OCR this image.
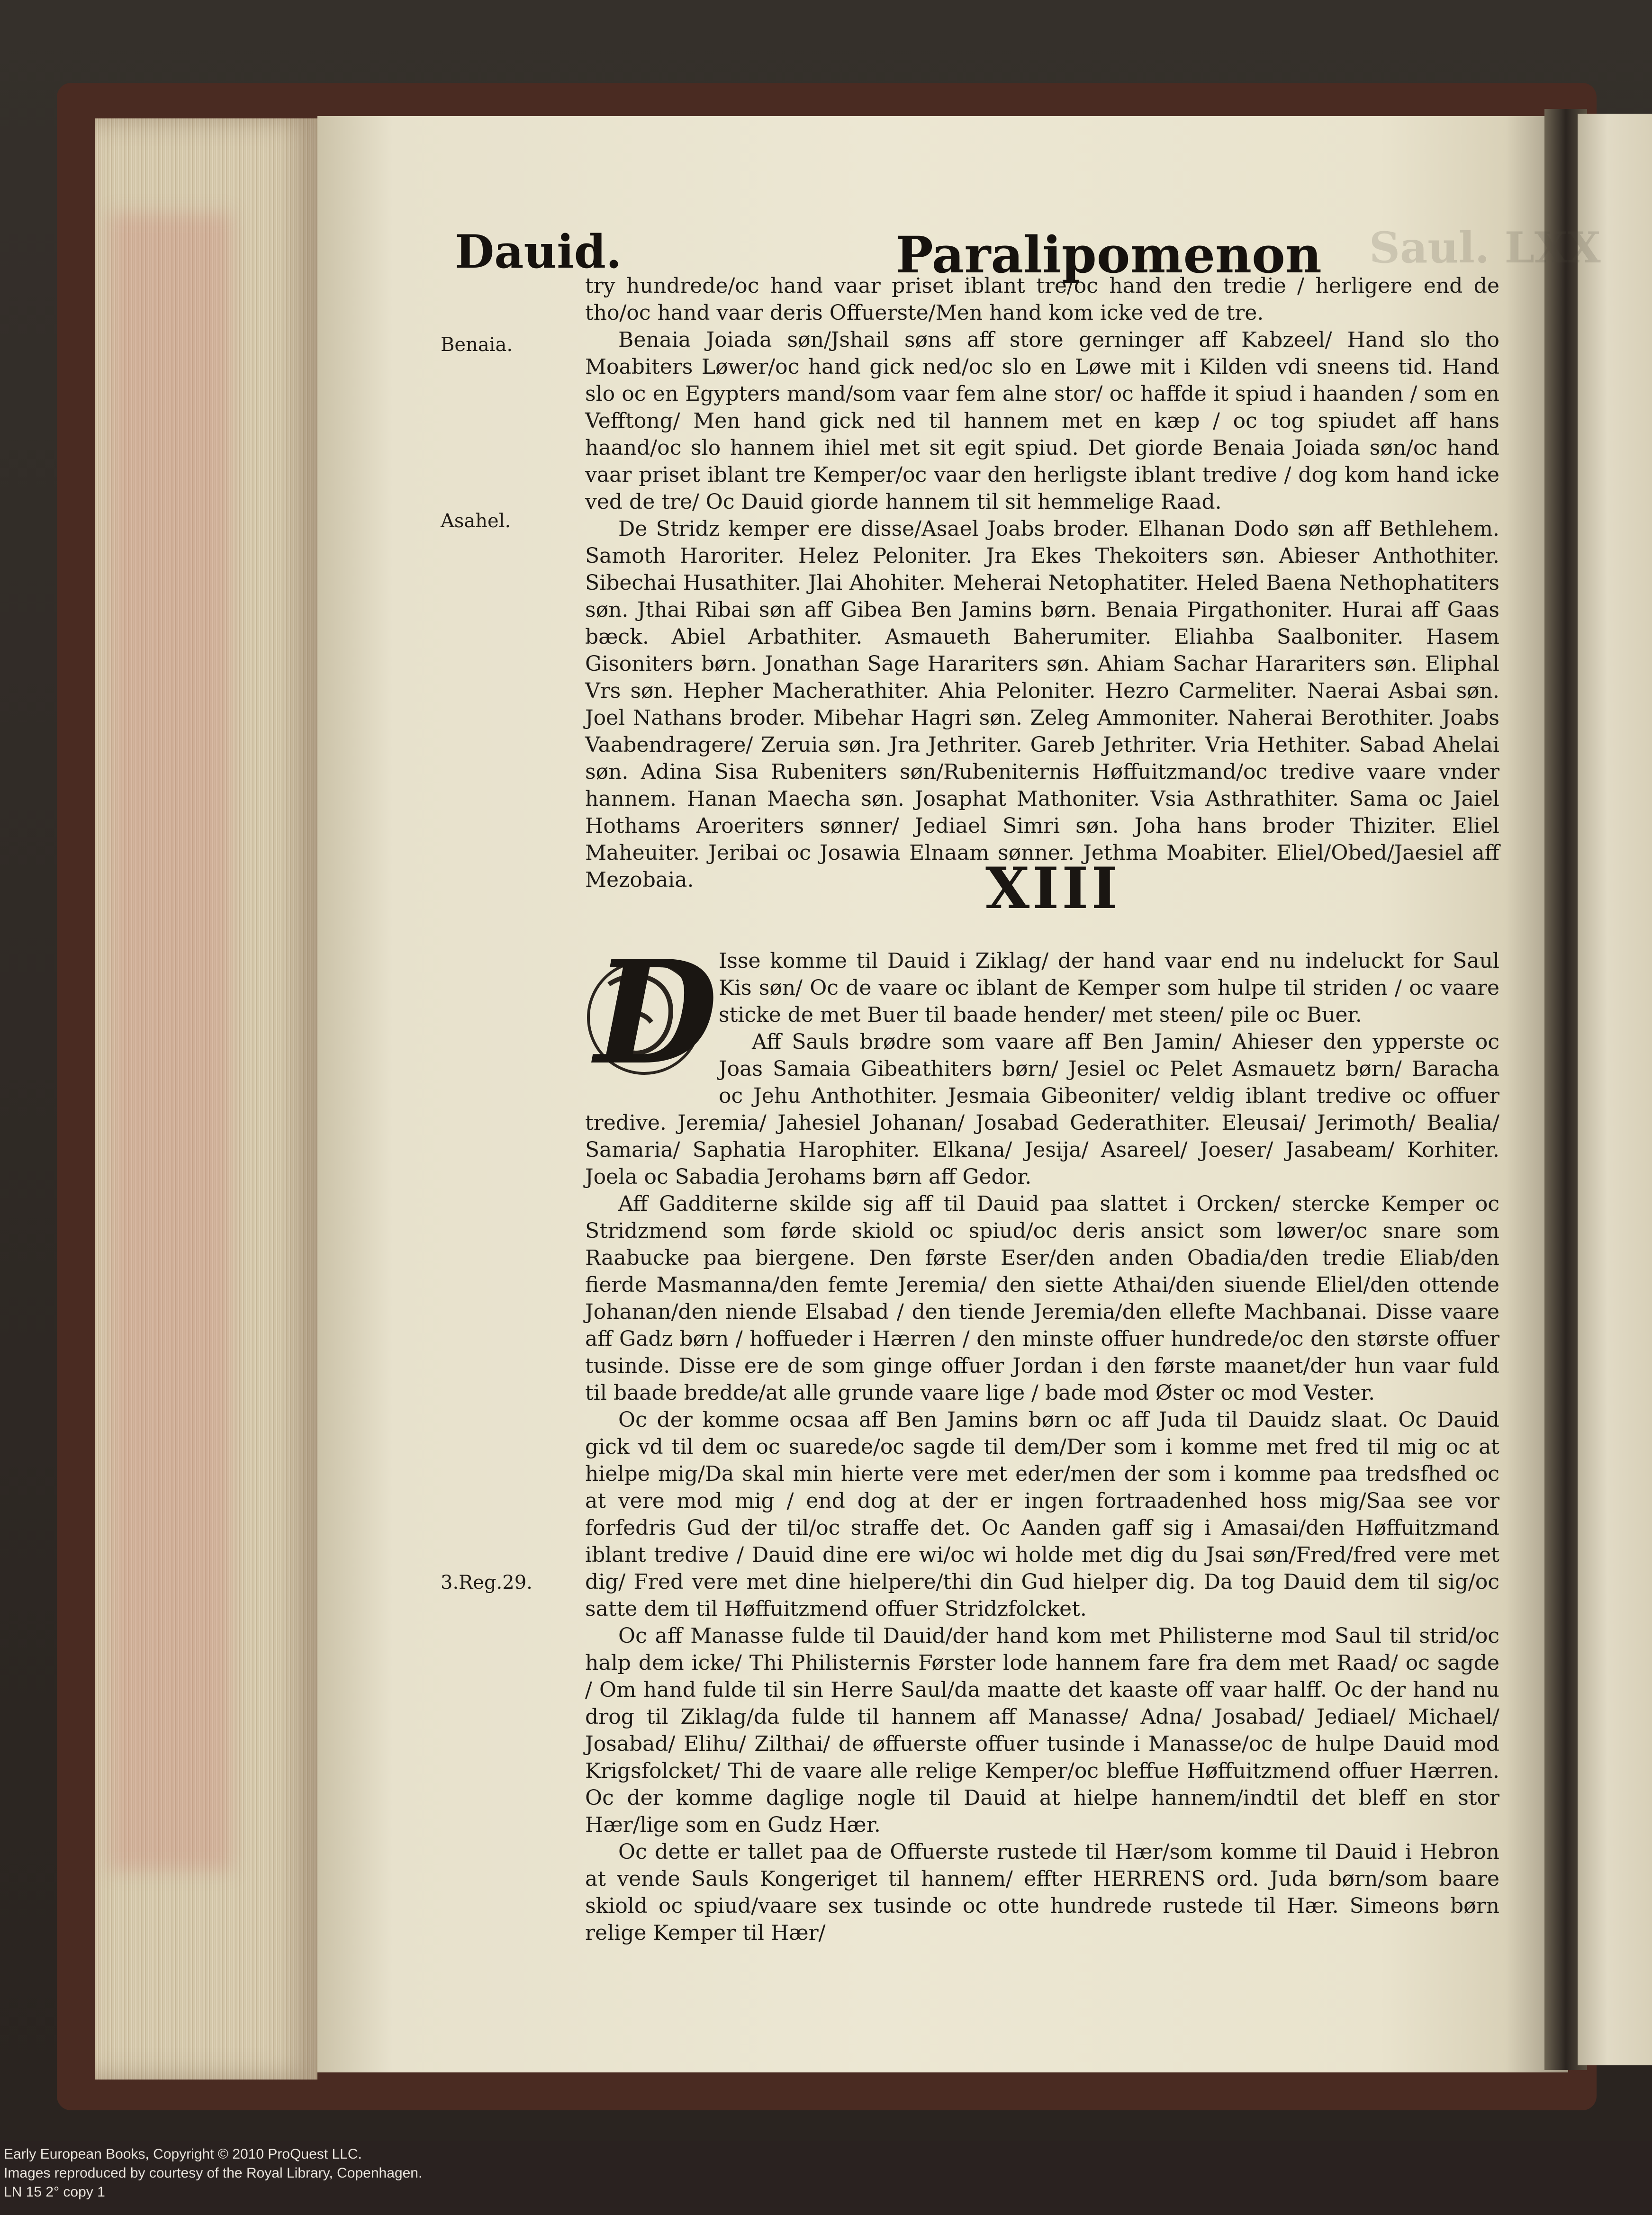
Saul. LXX
Dauid.	Paralipomenon
Benaia.
Asahel.
3.Reg.29.

try hundrede/oc hand vaar priset iblant tre/oc hand den tredie / herligere end de tho/oc hand vaar deris Offuerste/Men hand kom icke ved de tre.

Benaia Joiada søn/Jshail søns aff store gerninger aff Kabzeel/ Hand slo tho Moabiters Løwer/oc hand gick ned/oc slo en Løwe mit i Kilden vdi sneens tid. Hand slo oc en Egypters mand/som vaar fem alne stor/ oc haffde it spiud i haanden / som en Vefftong/ Men hand gick ned til hannem met en kæp / oc tog spiudet aff hans haand/oc slo hannem ihiel met sit egit spiud. Det giorde Benaia Joiada søn/oc hand vaar priset iblant tre Kemper/oc vaar den herligste iblant tredive / dog kom hand icke ved de tre/ Oc Dauid giorde hannem til sit hemmelige Raad.

De Stridz kemper ere disse/Asael Joabs broder. Elhanan Dodo søn aff Bethlehem. Samoth Haroriter. Helez Peloniter. Jra Ekes Thekoiters søn. Abieser Anthothiter. Sibechai Husathiter. Jlai Ahohiter. Meherai Netophatiter. Heled Baena Nethophatiters søn. Jthai Ribai søn aff Gibea Ben Jamins børn. Benaia Pirgathoniter. Hurai aff Gaas bæck. Abiel Arbathiter. Asmaueth Baherumiter. Eliahba Saalboniter. Hasem Gisoniters børn. Jonathan Sage Harariters søn. Ahiam Sachar Harariters søn. Eliphal Vrs søn. Hepher Macherathiter. Ahia Peloniter. Hezro Carmeliter. Naerai Asbai søn. Joel Nathans broder. Mibehar Hagri søn. Zeleg Ammoniter. Naherai Berothiter. Joabs Vaabendragere/ Zeruia søn. Jra Jethriter. Gareb Jethriter. Vria Hethiter. Sabad Ahelai søn. Adina Sisa Rubeniters søn/Rubeniternis Høffuitzmand/oc tredive vaare vnder hannem. Hanan Maecha søn. Josaphat Mathoniter. Vsia Asthrathiter. Sama oc Jaiel Hothams Aroeriters sønner/ Jediael Simri søn. Joha hans broder Thiziter. Eliel Maheuiter. Jeribai oc Josawia Elnaam sønner. Jethma Moabiter. Eliel/Obed/Jaesiel aff Mezobaia.	XIII
D Isse komme til Dauid i Ziklag/ der hand vaar end nu indeluckt for Saul Kis søn/ Oc de vaare oc iblant de Kemper som hulpe til striden / oc vaare sticke de met Buer til baade hender/ met steen/ pile oc Buer.

Aff Sauls brødre som vaare aff Ben Jamin/ Ahieser den ypperste oc Joas Samaia Gibeathiters børn/ Jesiel oc Pelet Asmauetz børn/ Baracha oc Jehu Anthothiter. Jesmaia Gibeoniter/ veldig iblant tredive oc offuer tredive. Jeremia/ Jahesiel Johanan/ Josabad Gederathiter. Eleusai/ Jerimoth/ Bealia/ Samaria/ Saphatia Harophiter. Elkana/ Jesija/ Asareel/ Joeser/ Jasabeam/ Korhiter. Joela oc Sabadia Jerohams børn aff Gedor.

Aff Gadditerne skilde sig aff til Dauid paa slattet i Orcken/ stercke Kemper oc Stridzmend som førde skiold oc spiud/oc deris ansict som løwer/oc snare som Raabucke paa biergene. Den første Eser/den anden Obadia/den tredie Eliab/den fierde Masmanna/den femte Jeremia/ den siette Athai/den siuende Eliel/den ottende Johanan/den niende Elsabad / den tiende Jeremia/den ellefte Machbanai. Disse vaare aff Gadz børn / hoffueder i Hærren / den minste offuer hundrede/oc den største offuer tusinde. Disse ere de som ginge offuer Jordan i den første maanet/der hun vaar fuld til baade bredde/at alle grunde vaare lige / bade mod Øster oc mod Vester.

Oc der komme ocsaa aff Ben Jamins børn oc aff Juda til Dauidz slaat. Oc Dauid gick vd til dem oc suarede/oc sagde til dem/Der som i komme met fred til mig oc at hielpe mig/Da skal min hierte vere met eder/men der som i komme paa tredsfhed oc at vere mod mig / end dog at der er ingen fortraadenhed hoss mig/Saa see vor forfedris Gud der til/oc straffe det. Oc Aanden gaff sig i Amasai/den Høffuitzmand iblant tredive / Dauid dine ere wi/oc wi holde met dig du Jsai søn/Fred/fred vere met dig/ Fred vere met dine hielpere/thi din Gud hielper dig. Da tog Dauid dem til sig/oc satte dem til Høffuitzmend offuer Stridzfolcket.

Oc aff Manasse fulde til Dauid/der hand kom met Philisterne mod Saul til strid/oc halp dem icke/ Thi Philisternis Førster lode hannem fare fra dem met Raad/ oc sagde / Om hand fulde til sin Herre Saul/da maatte det kaaste off vaar halff. Oc der hand nu drog til Ziklag/da fulde til hannem aff Manasse/ Adna/ Josabad/ Jediael/ Michael/ Josabad/ Elihu/ Zilthai/ de øffuerste offuer tusinde i Manasse/oc de hulpe Dauid mod Krigsfolcket/ Thi de vaare alle relige Kemper/oc bleffue Høffuitzmend offuer Hærren. Oc der komme daglige nogle til Dauid at hielpe hannem/indtil det bleff en stor Hær/lige som en Gudz Hær.

Oc dette er tallet paa de Offuerste rustede til Hær/som komme til Dauid i Hebron at vende Sauls Kongeriget til hannem/ effter HERRENS ord. Juda børn/som baare skiold oc spiud/vaare sex tusinde oc otte hundrede rustede til Hær. Simeons børn relige Kemper til Hær/

Early European Books, Copyright © 2010 ProQuest LLC.
Images reproduced by courtesy of the Royal Library, Copenhagen.
LN 15 2° copy 1
